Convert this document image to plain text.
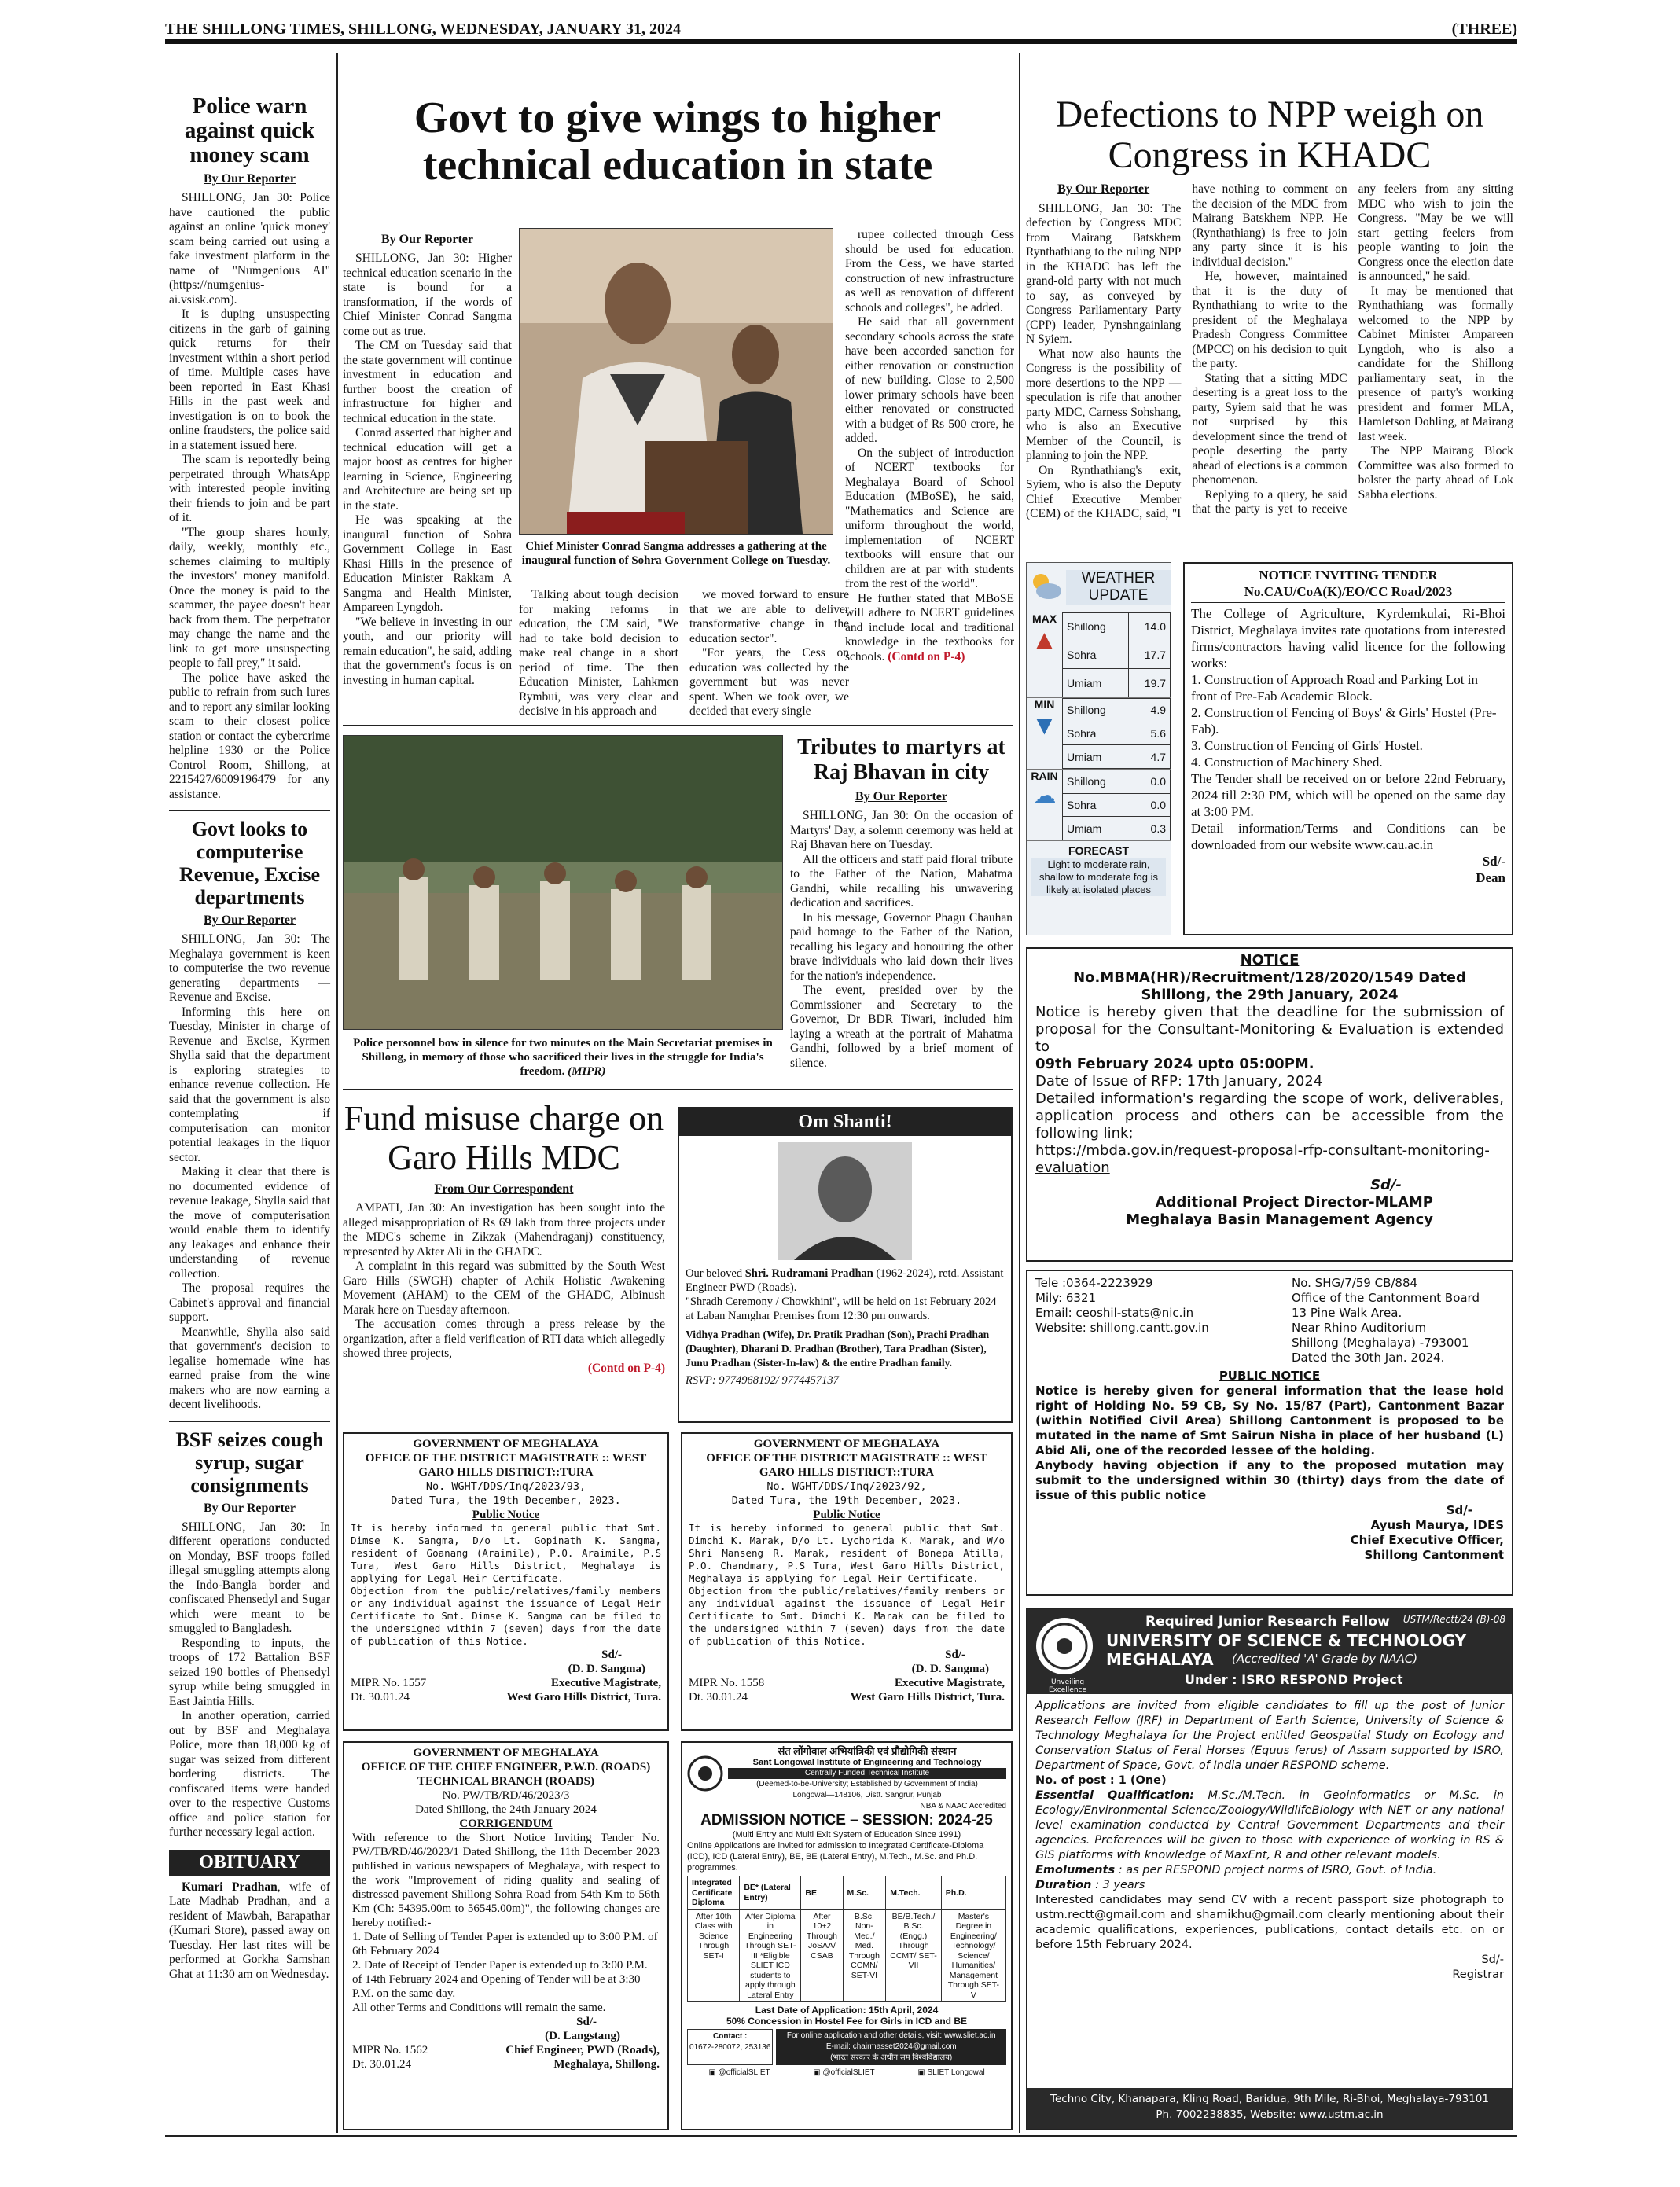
THE SHILLONG TIMES, SHILLONG, WEDNESDAY, JANUARY 31, 2024	(THREE)
Police warn against quick money scam
By Our Reporter

SHILLONG, Jan 30: Police have cautioned the public against an online 'quick money' scam being carried out using a fake investment platform in the name of "Numgenious AI" (https://numgenius-ai.vsisk.com).

It is duping unsuspecting citizens in the garb of gaining quick returns for their investment within a short period of time. Multiple cases have been reported in East Khasi Hills in the past week and investigation is on to book the online fraudsters, the police said in a statement issued here.

The scam is reportedly being perpetrated through WhatsApp with interested people inviting their friends to join and be part of it.

"The group shares hourly, daily, weekly, monthly etc., schemes claiming to multiply the investors' money manifold. Once the money is paid to the scammer, the payee doesn't hear back from them. The perpetrator may change the name and the link to get more unsuspecting people to fall prey," it said.

The police have asked the public to refrain from such lures and to report any similar looking scam to their closest police station or contact the cybercrime helpline 1930 or the Police Control Room, Shillong, at 2215427/6009196479 for any assistance.

Govt looks to computerise Revenue, Excise departments
By Our Reporter

SHILLONG, Jan 30: The Meghalaya government is keen to computerise the two revenue generating departments — Revenue and Excise.

Informing this here on Tuesday, Minister in charge of Revenue and Excise, Kyrmen Shylla said that the department is exploring strategies to enhance revenue collection. He said that the government is also contemplating if computerisation can monitor potential leakages in the liquor sector.

Making it clear that there is no documented evidence of revenue leakage, Shylla said that the move of computerisation would enable them to identify any leakages and enhance their understanding of revenue collection.

The proposal requires the Cabinet's approval and financial support.

Meanwhile, Shylla also said that government's decision to legalise homemade wine has earned praise from the wine makers who are now earning a decent livelihoods.

BSF seizes cough syrup, sugar consignments
By Our Reporter

SHILLONG, Jan 30: In different operations conducted on Monday, BSF troops foiled illegal smuggling attempts along the Indo-Bangla border and confiscated Phensedyl and Sugar which were meant to be smuggled to Bangladesh.

Responding to inputs, the troops of 172 Battalion BSF seized 190 bottles of Phensedyl syrup while being smuggled in East Jaintia Hills.

In another operation, carried out by BSF and Meghalaya Police, more than 18,000 kg of sugar was seized from different bordering districts. The confiscated items were handed over to the respective Customs office and police station for further necessary legal action.

OBITUARY

Kumari Pradhan, wife of Late Madhab Pradhan, and a resident of Mawbah, Barapathar (Kumari Store), passed away on Tuesday. Her last rites will be performed at Gorkha Samshan Ghat at 11:30 am on Wednesday.

Govt to give wings to higher technical education in state
By Our Reporter

SHILLONG, Jan 30: Higher technical education scenario in the state is bound for a transformation, if the words of Chief Minister Conrad Sangma come out as true.

The CM on Tuesday said that the state government will continue investment in education and further boost the creation of infrastructure for higher and technical education in the state.

Conrad asserted that higher and technical education will get a major boost as centres for higher learning in Science, Engineering and Architecture are being set up in the state.

He was speaking at the inaugural function of Sohra Government College in East Khasi Hills in the presence of Education Minister Rakkam A Sangma and Health Minister, Ampareen Lyngdoh.

"We believe in investing in our youth, and our priority will remain education", he said, adding that the government's focus is on investing in human capital.

Chief Minister Conrad Sangma addresses a gathering at the inaugural function of Sohra Government College on Tuesday.

Talking about tough decision for making reforms in education, the CM said, "We had to take bold decision to make real change in a short period of time. The then Education Minister, Lahkmen Rymbui, was very clear and decisive in his approach and

we moved forward to ensure that we are able to deliver transformative change in the education sector".

"For years, the Cess on education was collected by the government but was never spent. When we took over, we decided that every single

rupee collected through Cess should be used for education. From the Cess, we have started construction of new infrastructure as well as renovation of different schools and colleges", he added.

He said that all government secondary schools across the state have been accorded sanction for either renovation or construction of new building. Close to 2,500 lower primary schools have been either renovated or constructed with a budget of Rs 500 crore, he added.

On the subject of introduction of NCERT textbooks for Meghalaya Board of School Education (MBoSE), he said, "Mathematics and Science are uniform throughout the world, implementation of NCERT textbooks will ensure that our children are at par with students from the rest of the world".

He further stated that MBoSE will adhere to NCERT guidelines and include local and traditional knowledge in the textbooks for schools. (Contd on P-4)

Police personnel bow in silence for two minutes on the Main Secretariat premises in Shillong, in memory of those who sacrificed their lives in the struggle for India's freedom. (MIPR)
Tributes to martyrs at Raj Bhavan in city
By Our Reporter

SHILLONG, Jan 30: On the occasion of Martyrs' Day, a solemn ceremony was held at Raj Bhavan here on Tuesday.

All the officers and staff paid floral tribute to the Father of the Nation, Mahatma Gandhi, while recalling his unwavering dedication and sacrifices.

In his message, Governor Phagu Chauhan paid homage to the Father of the Nation, recalling his legacy and honouring the other brave individuals who laid down their lives for the nation's independence.

The event, presided over by the Commissioner and Secretary to the Governor, Dr BDR Tiwari, included him laying a wreath at the portrait of Mahatma Gandhi, followed by a brief moment of silence.

Fund misuse charge on Garo Hills MDC
From Our Correspondent

AMPATI, Jan 30: An investigation has been sought into the alleged misappropriation of Rs 69 lakh from three projects under the MDC's scheme in Zikzak (Mahendraganj) constituency, represented by Akter Ali in the GHADC.

A complaint in this regard was submitted by the South West Garo Hills (SWGH) chapter of Achik Holistic Awakening Movement (AHAM) to the CEM of the GHADC, Albinush Marak here on Tuesday afternoon.

The accusation comes through a press release by the organization, after a field verification of RTI data which allegedly showed three projects,

(Contd on P-4)
Om Shanti!
Our beloved Shri. Rudramani Pradhan (1962-2024), retd. Assistant Engineer PWD (Roads).
"Shradh Ceremony / Chowkhini", will be held on 1st February 2024 at Laban Namghar Premises from 12:30 pm onwards.
Vidhya Pradhan (Wife), Dr. Pratik Pradhan (Son), Prachi Pradhan (Daughter), Dharani D. Pradhan (Brother), Tara Pradhan (Sister), Junu Pradhan (Sister-In-law) & the entire Pradhan family.
RSVP: 9774968192/ 9774457137
GOVERNMENT OF MEGHALAYA
OFFICE OF THE DISTRICT MAGISTRATE :: WEST GARO HILLS DISTRICT::TURA
No. WGHT/DDS/Inq/2023/93,
Dated Tura, the 19th December, 2023.
Public Notice
It is hereby informed to general public that Smt. Dimse K. Sangma, D/o Lt. Gopinath K. Sangma, resident of Goanang (Araimile), P.O. Araimile, P.S Tura, West Garo Hills District, Meghalaya is applying for Legal Heir Certificate.
Objection from the public/relatives/family members or any individual against the issuance of Legal Heir Certificate to Smt. Dimse K. Sangma can be filed to the undersigned within 7 (seven) days from the date of publication of this Notice.
Sd/-
(D. D. Sangma)
MIPR No. 1557	Executive Magistrate,
Dt. 30.01.24	West Garo Hills District, Tura.
GOVERNMENT OF MEGHALAYA
OFFICE OF THE DISTRICT MAGISTRATE :: WEST GARO HILLS DISTRICT::TURA
No. WGHT/DDS/Inq/2023/92,
Dated Tura, the 19th December, 2023.
Public Notice
It is hereby informed to general public that Smt. Dimchi K. Marak, D/o Lt. Lychorida K. Marak, and W/o Shri Manseng R. Marak, resident of Bonepa Atilla, P.O. Chandmary, P.S Tura, West Garo Hills District, Meghalaya is applying for Legal Heir Certificate.
Objection from the public/relatives/family members or any individual against the issuance of Legal Heir Certificate to Smt. Dimchi K. Marak can be filed to the undersigned within 7 (seven) days from the date of publication of this Notice.
Sd/-
(D. D. Sangma)
MIPR No. 1558	Executive Magistrate,
Dt. 30.01.24	West Garo Hills District, Tura.
GOVERNMENT OF MEGHALAYA
OFFICE OF THE CHIEF ENGINEER, P.W.D. (ROADS)
TECHNICAL BRANCH (ROADS)
No. PW/TB/RD/46/2023/3
Dated Shillong, the 24th January 2024
CORRIGENDUM
With reference to the Short Notice Inviting Tender No. PW/TB/RD/46/2023/1 Dated Shillong, the 11th December 2023 published in various newspapers of Meghalaya, with respect to the work "Improvement of riding quality and sealing of distressed pavement Shillong Sohra Road from 54th Km to 56th Km (Ch: 54395.00m to 56545.00m)", the following changes are hereby notified:-
1. Date of Selling of Tender Paper is extended up to 3:00 P.M. of 6th February 2024
2. Date of Receipt of Tender Paper is extended up to 3:00 P.M. of 14th February 2024 and Opening of Tender will be at 3:30 P.M. on the same day.
All other Terms and Conditions will remain the same.
Sd/-
(D. Langstang)
MIPR No. 1562	Chief Engineer, PWD (Roads),
Dt. 30.01.24	Meghalaya, Shillong.
संत लोंगोवाल अभियांत्रिकी एवं प्रौद्योगिकी संस्थान
Sant Longowal Institute of Engineering and Technology
Centrally Funded Technical Institute
(Deemed-to-be-University; Established by Government of India)
Longowal—148106, Distt. Sangrur, Punjab
NBA & NAAC Accredited
ADMISSION NOTICE – SESSION: 2024-25
(Multi Entry and Multi Exit System of Education Since 1991)
Online Applications are invited for admission to Integrated Certificate-Diploma (ICD), ICD (Lateral Entry), BE, BE (Lateral Entry), M.Tech., M.Sc. and Ph.D. programmes.
Integrated Certificate Diploma	BE* (Lateral Entry)	BE	M.Sc.	M.Tech.	Ph.D.
After 10th Class with Science Through SET-I	After Diploma in Engineering Through SET-III *Eligible SLIET ICD students to apply through Lateral Entry	After 10+2 Through JoSAA/ CSAB	B.Sc. Non-Med./ Med. Through CCMN/ SET-VI	BE/B.Tech./ B.Sc. (Engg.) Through CCMT/ SET-VII	Master's Degree in Engineering/ Technology/ Science/ Humanities/ Management Through SET-V
Last Date of Application: 15th April, 2024
50% Concession in Hostel Fee for Girls in ICD and BE
Contact :
01672-280072, 253136
For online application and other details, visit: www.sliet.ac.in
E-mail: chairmasset2024@gmail.com
(भारत सरकार के अधीन सम विश्वविद्यालय)
▣ @officialSLIET	▣ @officialSLIET	▣ SLIET Longowal
Defections to NPP weigh on Congress in KHADC
By Our Reporter

SHILLONG, Jan 30: The defection by Congress MDC from Mairang Batskhem Rynthathiang to the ruling NPP in the KHADC has left the grand-old party with not much to say, as conveyed by Congress Parliamentary Party (CPP) leader, Pynshngainlang N Syiem.

What now also haunts the Congress is the possibility of more desertions to the NPP — speculation is rife that another party MDC, Carness Sohshang, who is also an Executive Member of the Council, is planning to join the NPP.

On Rynthathiang's exit, Syiem, who is also the Deputy Chief Executive Member (CEM) of the KHADC, said, "I have nothing to comment on the decision of the MDC from Mairang Batskhem NPP. He (Rynthathiang) is free to join any party since it is his individual decision."

He, however, maintained that it is the duty of Rynthathiang to write to the president of the Meghalaya Pradesh Congress Committee (MPCC) on his decision to quit the party.

Stating that a sitting MDC deserting is a great loss to the party, Syiem said that he was not surprised by this development since the trend of people deserting the party ahead of elections is a common phenomenon.

Replying to a query, he said that the party is yet to receive any feelers from any sitting MDC who wish to join the Congress. "May be we will start getting feelers from people wanting to join the Congress once the election date is announced," he said.

It may be mentioned that Rynthathiang was formally welcomed to the NPP by Cabinet Minister Ampareen Lyngdoh, who is also a candidate for the Shillong parliamentary seat, in the presence of party's working president and former MLA, Hamletson Dohling, at Mairang last week.

The NPP Mairang Block Committee was also formed to bolster the party ahead of Lok Sabha elections.

WEATHER
UPDATE
MAX
▲ Shillong	14.0
Sohra	17.7
Umiam	19.7
MIN
▼
Shillong	4.9
Sohra	5.6
Umiam	4.7
RAIN
☁
Shillong	0.0
Sohra	0.0
Umiam	0.3
FORECAST
Light to moderate rain, shallow to moderate fog is likely at isolated places
NOTICE INVITING TENDER
No.CAU/CoA(K)/EO/CC Road/2023
The College of Agriculture, Kyrdemkulai, Ri-Bhoi District, Meghalaya invites rate quotations from interested firms/contractors having valid licence for the following works:
1. Construction of Approach Road and Parking Lot in front of Pre-Fab Academic Block.
2. Construction of Fencing of Boys' & Girls' Hostel (Pre-Fab).
3. Construction of Fencing of Girls' Hostel.
4. Construction of Machinery Shed.
The Tender shall be received on or before 22nd February, 2024 till 2:30 PM, which will be opened on the same day at 3:00 PM.
Detail information/Terms and Conditions can be downloaded from our website www.cau.ac.in
Sd/-
Dean
NOTICE
No.MBMA(HR)/Recruitment/128/2020/1549 Dated
Shillong, the 29th January, 2024
Notice is hereby given that the deadline for the submission of proposal for the Consultant-Monitoring & Evaluation is extended to
09th February 2024 upto 05:00PM.
Date of Issue of RFP: 17th January, 2024
Detailed information's regarding the scope of work, deliverables, application process and others can be accessible from the following link;
https://mbda.gov.in/request-proposal-rfp-consultant-monitoring-evaluation
Sd/-
Additional Project Director-MLAMP
Meghalaya Basin Management Agency
Tele :0364-2223929
Mily: 6321
Email: ceoshil-stats@nic.in
Website: shillong.cantt.gov.in
No. SHG/7/59 CB/884
Office of the Cantonment Board
13 Pine Walk Area.
Near Rhino Auditorium
Shillong (Meghalaya) -793001
Dated the 30th Jan. 2024.
PUBLIC NOTICE
Notice is hereby given for general information that the lease hold right of Holding No. 59 CB, Sy No. 15/87 (Part), Cantonment Bazar (within Notified Civil Area) Shillong Cantonment is proposed to be mutated in the name of Smt Sairun Nisha in place of her husband (L) Abid Ali, one of the recorded lessee of the holding.
Anybody having objection if any to the proposed mutation may submit to the undersigned within 30 (thirty) days from the date of issue of this public notice
Sd/-
Ayush Maurya, IDES
Chief Executive Officer,
Shillong Cantonment
Unveiling Excellence
Required Junior Research Fellow USTM/Rectt/24 (B)-08
UNIVERSITY OF SCIENCE & TECHNOLOGY MEGHALAYA	(Accredited 'A' Grade by NAAC)
Under : ISRO RESPOND Project
Applications are invited from eligible candidates to fill up the post of Junior Research Fellow (JRF) in Department of Earth Science, University of Science & Technology Meghalaya for the Project entitled Geospatial Study on Ecology and Conservation Status of Feral Horses (Equus ferus) of Assam supported by ISRO, Department of Space, Govt. of India under RESPOND scheme.
No. of post : 1 (One)
Essential Qualification: M.Sc./M.Tech. in Geoinformatics or M.Sc. in Ecology/Environmental Science/Zoology/WildlifeBiology with NET or any national level examination conducted by Central Government Departments and their agencies. Preferences will be given to those with experience of working in RS & GIS platforms with knowledge of MaxEnt, R and other relevant models.
Emoluments : as per RESPOND project norms of ISRO, Govt. of India.
Duration : 3 years
Interested candidates may send CV with a recent passport size photograph to ustm.rectt@gmail.com and shamikhu@gmail.com clearly mentioning about their academic qualifications, experiences, publications, contact details etc. on or before 15th February 2024.
Sd/-
Registrar
Techno City, Khanapara, Kling Road, Baridua, 9th Mile, Ri-Bhoi, Meghalaya-793101
Ph. 7002238835, Website: www.ustm.ac.in
